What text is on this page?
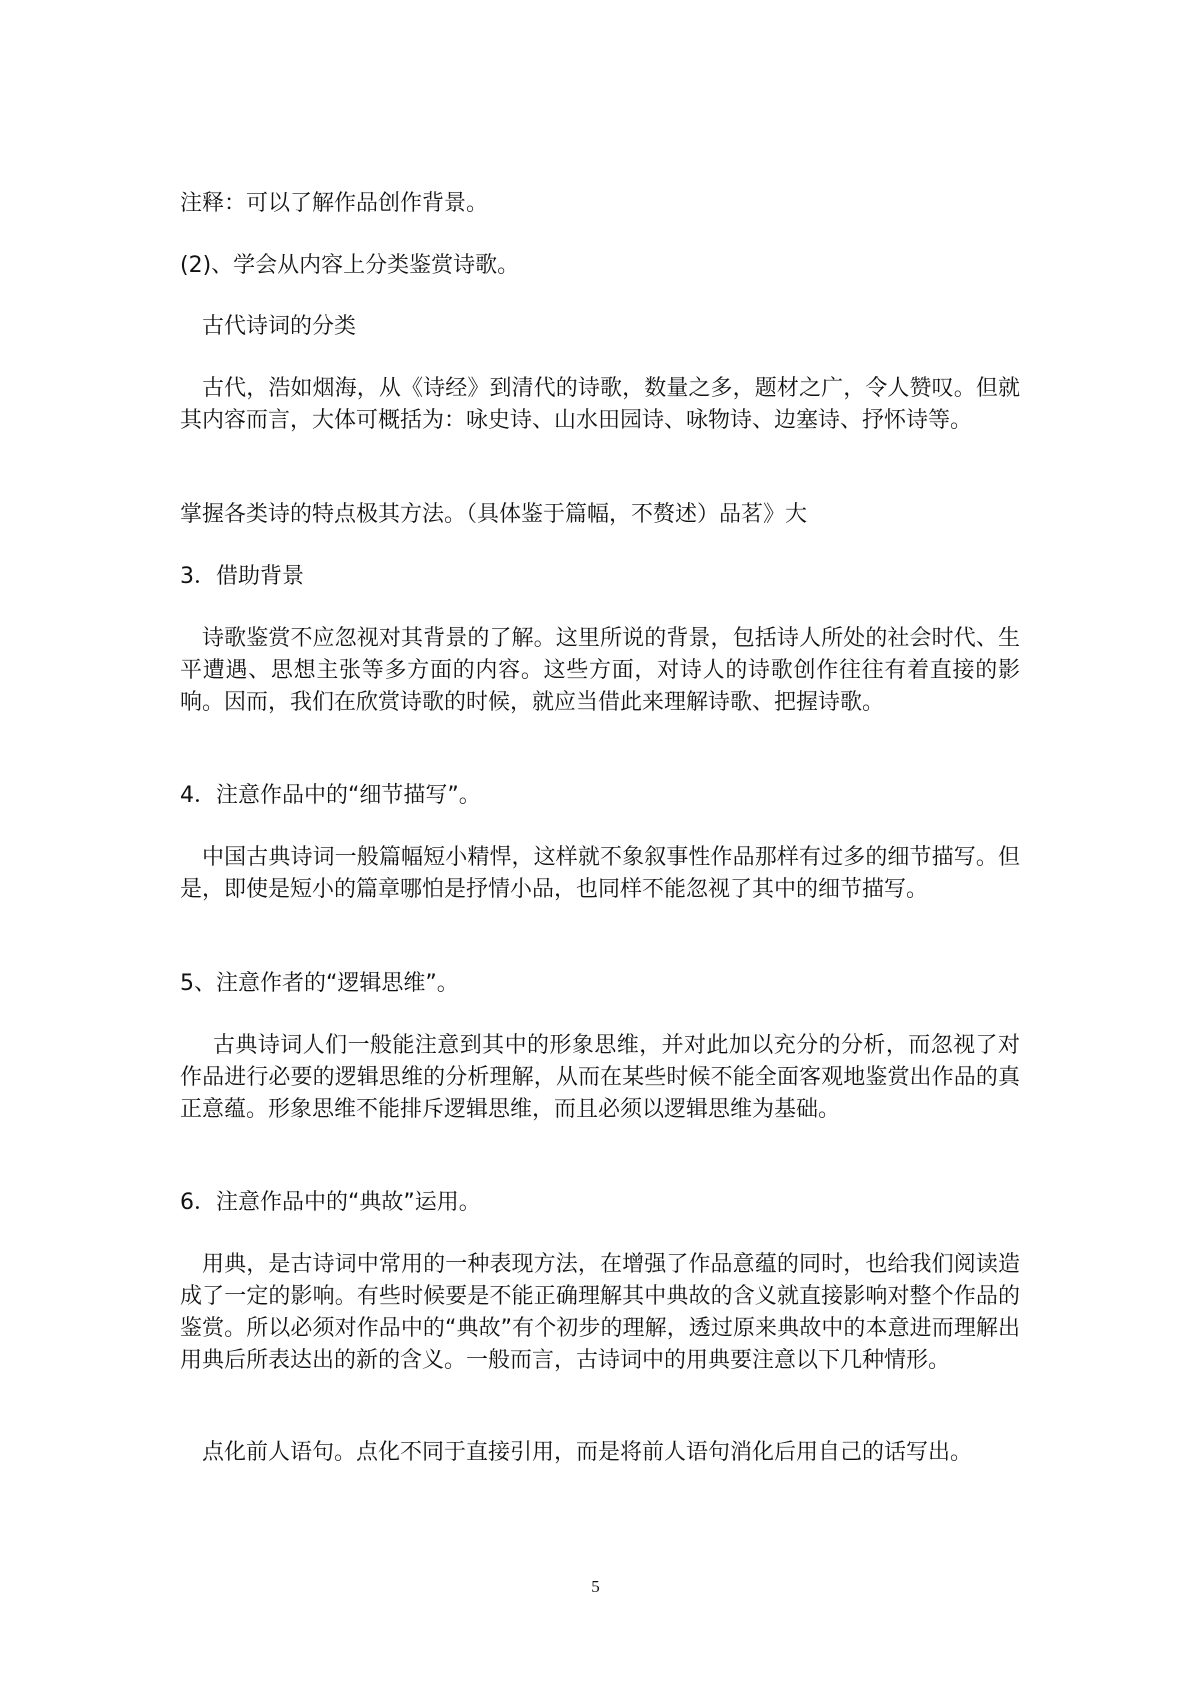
注释：可以了解作品创作背景。

(2)、学会从内容上分类鉴赏诗歌。

古代诗词的分类

古代，浩如烟海，从《诗经》到清代的诗歌，数量之多，题材之广，令人赞叹。但就其内容而言，大体可概括为：咏史诗、山水田园诗、咏物诗、边塞诗、抒怀诗等。

掌握各类诗的特点极其方法。（具体鉴于篇幅，不赘述）品茗》大

3．借助背景

诗歌鉴赏不应忽视对其背景的了解。这里所说的背景，包括诗人所处的社会时代、生平遭遇、思想主张等多方面的内容。这些方面，对诗人的诗歌创作往往有着直接的影响。因而，我们在欣赏诗歌的时候，就应当借此来理解诗歌、把握诗歌。

4．注意作品中的“细节描写”。

中国古典诗词一般篇幅短小精悍，这样就不象叙事性作品那样有过多的细节描写。但是，即使是短小的篇章哪怕是抒情小品，也同样不能忽视了其中的细节描写。

5、注意作者的“逻辑思维”。

古典诗词人们一般能注意到其中的形象思维，并对此加以充分的分析，而忽视了对作品进行必要的逻辑思维的分析理解，从而在某些时候不能全面客观地鉴赏出作品的真正意蕴。形象思维不能排斥逻辑思维，而且必须以逻辑思维为基础。

6．注意作品中的“典故”运用。

用典，是古诗词中常用的一种表现方法，在增强了作品意蕴的同时，也给我们阅读造成了一定的影响。有些时候要是不能正确理解其中典故的含义就直接影响对整个作品的鉴赏。所以必须对作品中的“典故”有个初步的理解，透过原来典故中的本意进而理解出用典后所表达出的新的含义。一般而言，古诗词中的用典要注意以下几种情形。

点化前人语句。点化不同于直接引用，而是将前人语句消化后用自己的话写出。

5
